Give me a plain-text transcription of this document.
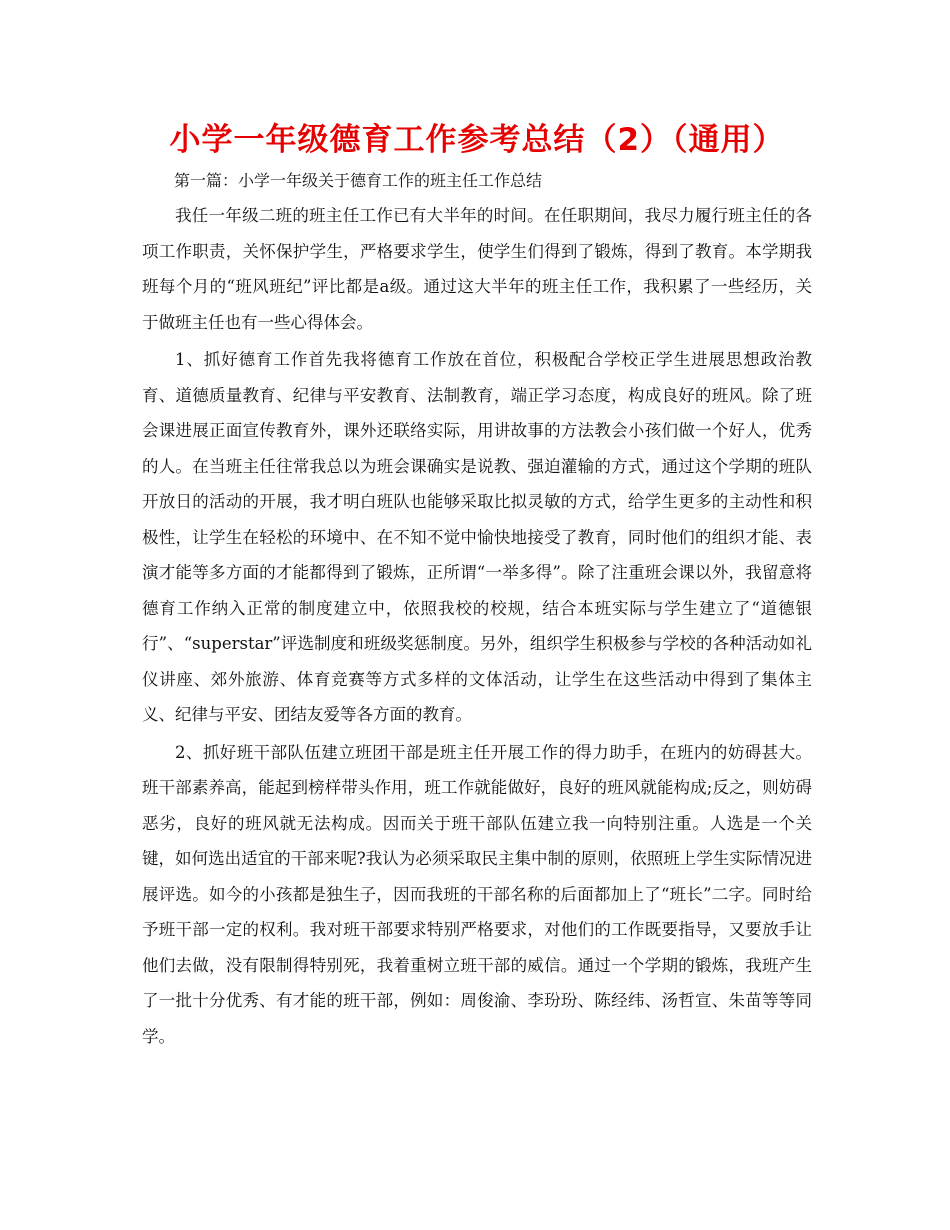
小学一年级德育工作参考总结（2）（通用）

第一篇：小学一年级关于德育工作的班主任工作总结

我任一年级二班的班主任工作已有大半年的时间。在任职期间，我尽力履行班主任的各项工作职责，关怀保护学生，严格要求学生，使学生们得到了锻炼，得到了教育。本学期我班每个月的“班风班纪”评比都是a级。通过这大半年的班主任工作，我积累了一些经历，关于做班主任也有一些心得体会。

1、抓好德育工作首先我将德育工作放在首位，积极配合学校正学生进展思想政治教育、道德质量教育、纪律与平安教育、法制教育，端正学习态度，构成良好的班风。除了班会课进展正面宣传教育外，课外还联络实际，用讲故事的方法教会小孩们做一个好人，优秀的人。在当班主任往常我总以为班会课确实是说教、强迫灌输的方式，通过这个学期的班队开放日的活动的开展，我才明白班队也能够采取比拟灵敏的方式，给学生更多的主动性和积极性，让学生在轻松的环境中、在不知不觉中愉快地接受了教育，同时他们的组织才能、表演才能等多方面的才能都得到了锻炼，正所谓“一举多得”。除了注重班会课以外，我留意将德育工作纳入正常的制度建立中，依照我校的校规，结合本班实际与学生建立了“道德银行”、“superstar”评选制度和班级奖惩制度。另外，组织学生积极参与学校的各种活动如礼仪讲座、郊外旅游、体育竞赛等方式多样的文体活动，让学生在这些活动中得到了集体主义、纪律与平安、团结友爱等各方面的教育。

2、抓好班干部队伍建立班团干部是班主任开展工作的得力助手，在班内的妨碍甚大。班干部素养高，能起到榜样带头作用，班工作就能做好，良好的班风就能构成;反之，则妨碍恶劣，良好的班风就无法构成。因而关于班干部队伍建立我一向特别注重。人选是一个关键，如何选出适宜的干部来呢?我认为必须采取民主集中制的原则，依照班上学生实际情况进展评选。如今的小孩都是独生子，因而我班的干部名称的后面都加上了“班长”二字。同时给予班干部一定的权利。我对班干部要求特别严格要求，对他们的工作既要指导，又要放手让他们去做，没有限制得特别死，我着重树立班干部的威信。通过一个学期的锻炼，我班产生了一批十分优秀、有才能的班干部，例如：周俊渝、李玢玢、陈经纬、汤哲宣、朱苗等等同学。
